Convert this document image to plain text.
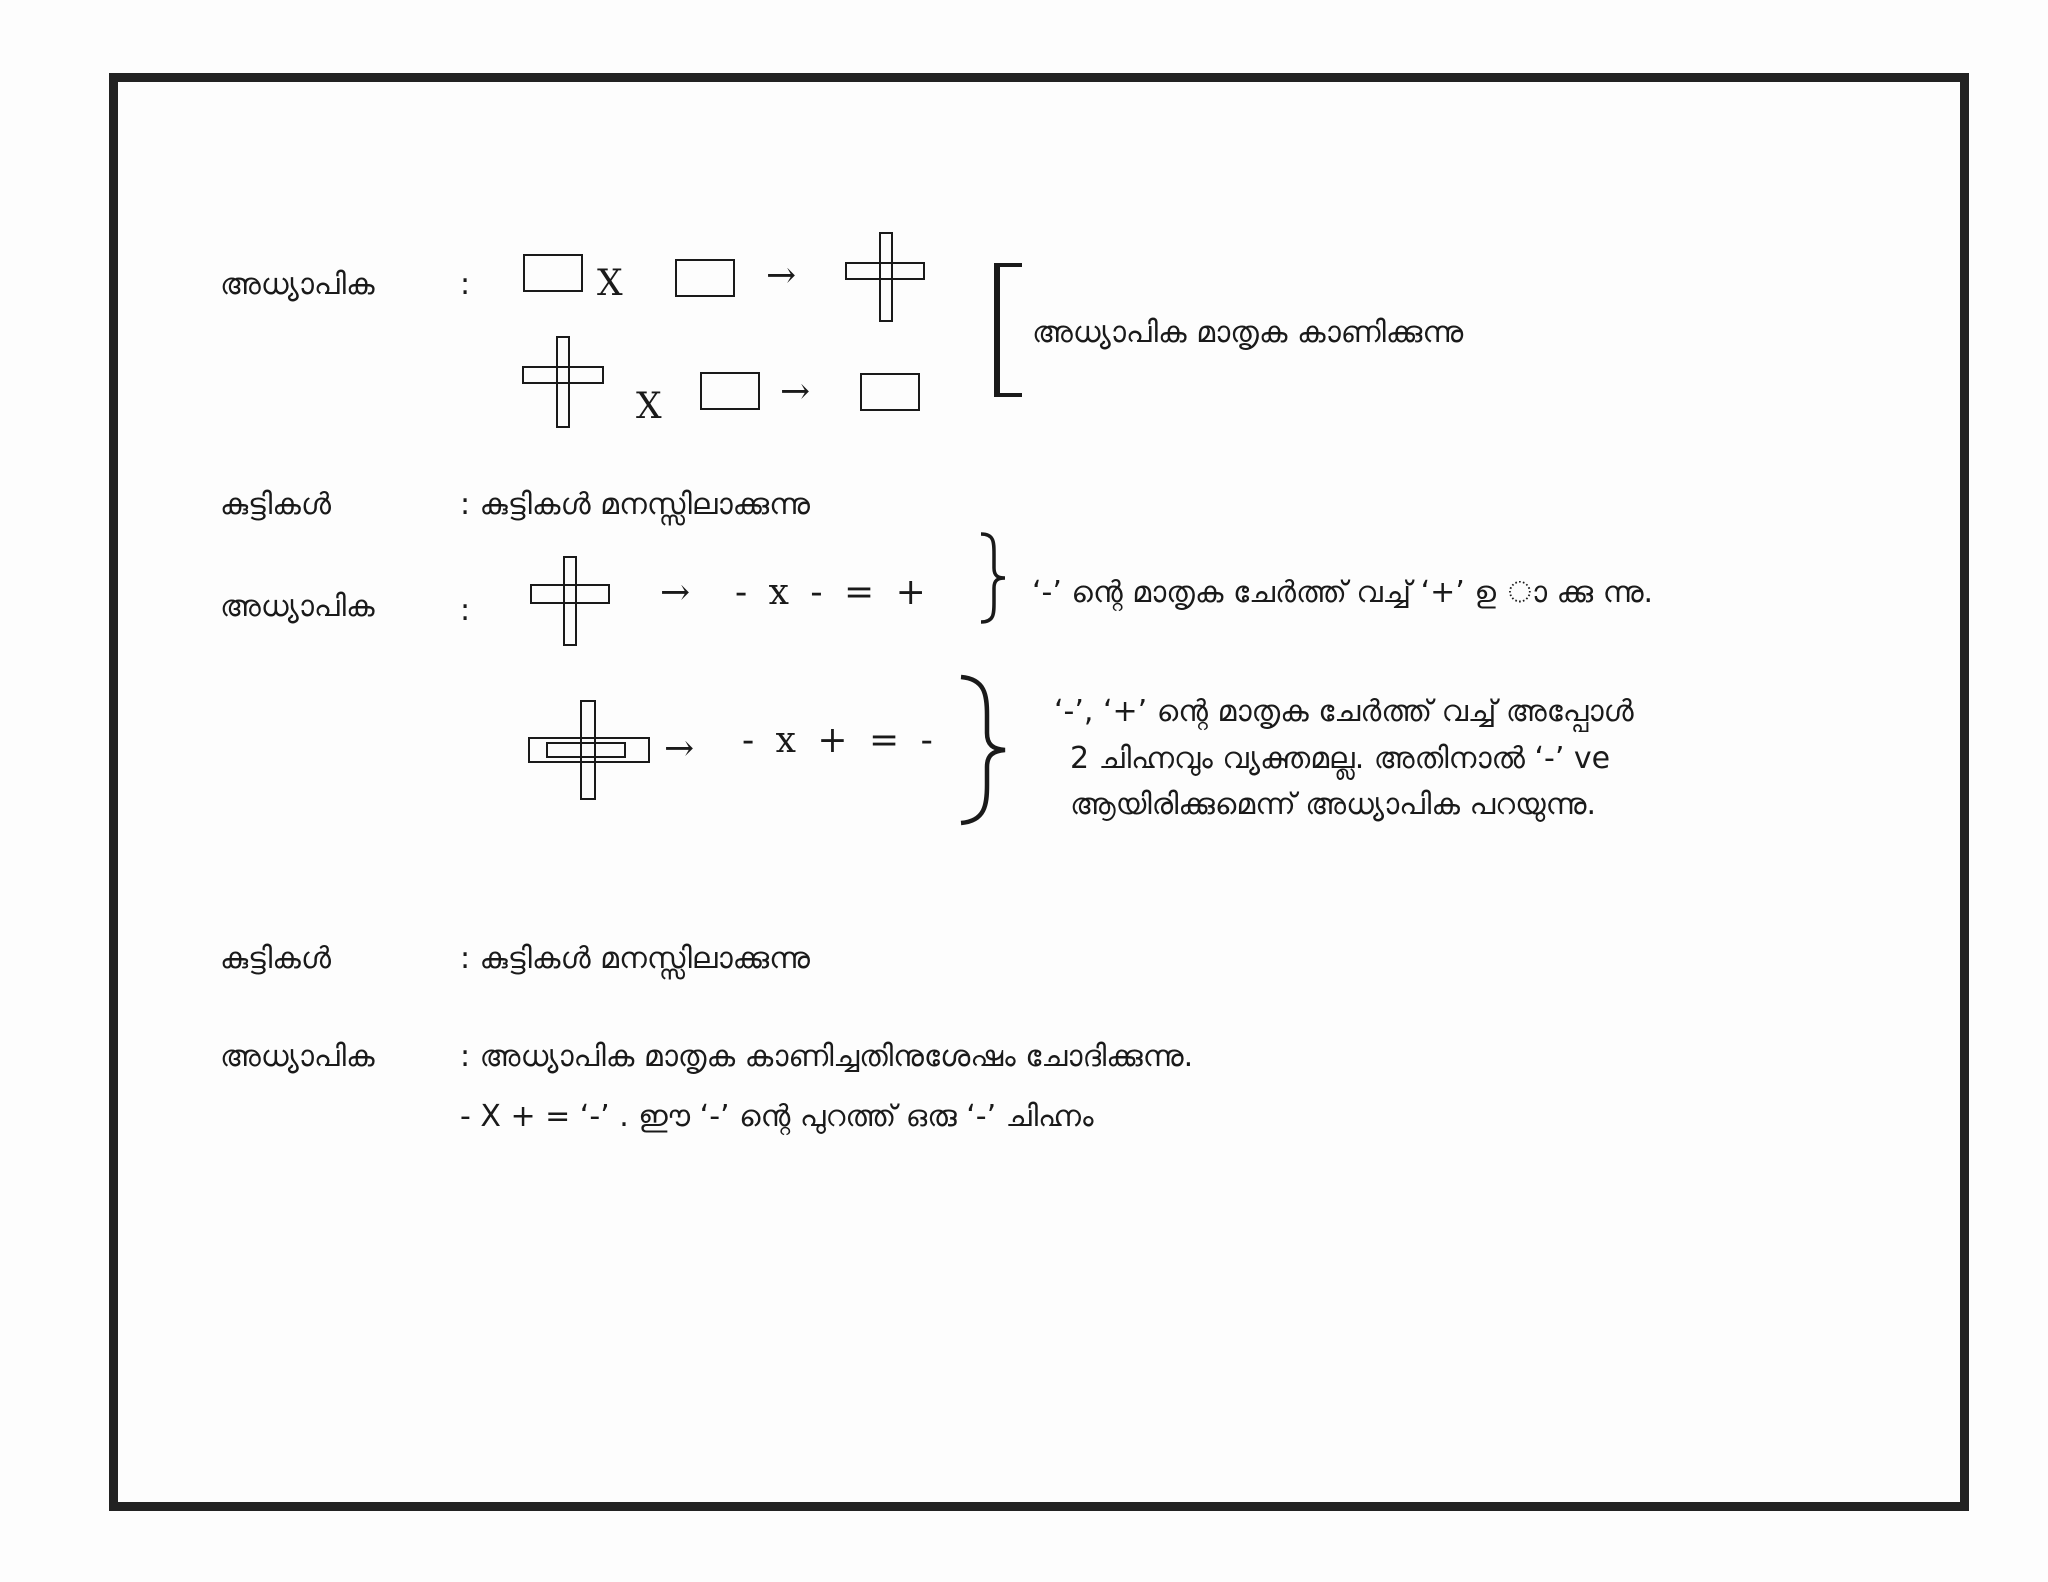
അധ്യാപിക	:	X	→
X	→
അധ്യാപിക മാതൃക കാണിക്കുന്നു
കുട്ടികൾ	: കുട്ടികൾ മനസ്സിലാക്കുന്നു
അധ്യാപിക	:	→ - x - = +	‘-’ ന്റെ മാതൃക ചേർത്ത് വച്ച് ‘+’ ഉ ാ ക്കു ന്നു.
→ - x + = -
‘-’, ‘+’ ന്റെ മാതൃക ചേർത്ത് വച്ച് അപ്പോൾ
2 ചിഹ്നവും വ്യക്തമല്ല. അതിനാൽ ‘-’ ve
ആയിരിക്കുമെന്ന് അധ്യാപിക പറയുന്നു.
കുട്ടികൾ	: കുട്ടികൾ മനസ്സിലാക്കുന്നു
അധ്യാപിക	: അധ്യാപിക മാതൃക കാണിച്ചതിനുശേഷം ചോദിക്കുന്നു.
- X + = ‘-’ . ഈ ‘-’ ന്റെ പുറത്ത് ഒരു ‘-’ ചിഹ്നം
